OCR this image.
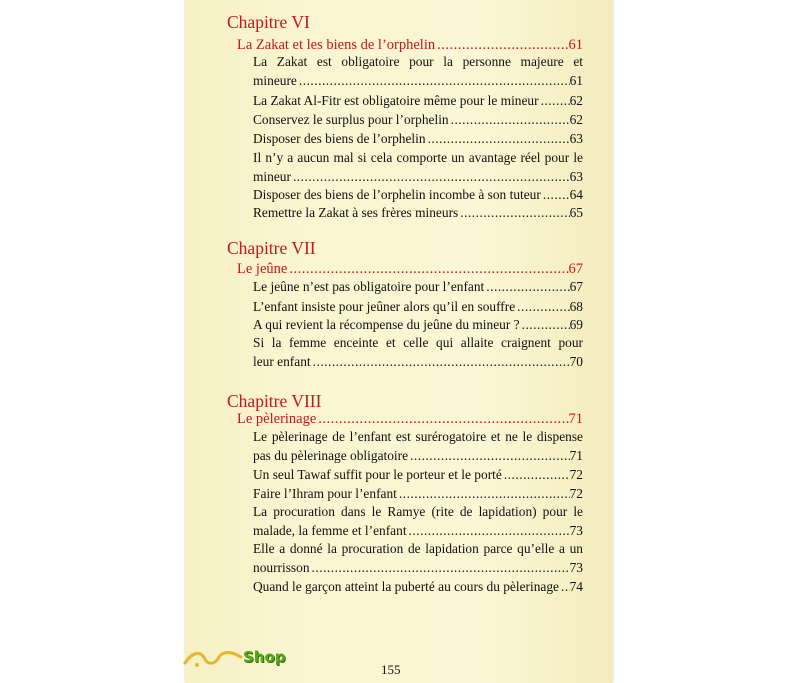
​
Chapitre VI
La Zakat et les biens de l’orphelin .....	61
La Zakat est obligatoire pour la personne majeure et
mineure .....	61
La Zakat Al-Fitr est obligatoire même pour le mineur ..... 62
Conservez le surplus pour l’orphelin .....	62
Disposer des biens de l’orphelin .....	63
Il n’y a aucun mal si cela comporte un avantage réel pour le
mineur .....	63
Disposer des biens de l’orphelin incombe à son tuteur ..... 64
Remettre la Zakat à ses frères mineurs .....	65
Chapitre VII
Le jeûne .....	67
Le jeûne n’est pas obligatoire pour l’enfant .....	67
L’enfant insiste pour jeûner alors qu’il en souffre .....	68
A qui revient la récompense du jeûne du mineur ? .....	69
Si la femme enceinte et celle qui allaite craignent pour
leur enfant .....	70
Chapitre VIII
Le pèlerinage .....	71
Le pèlerinage de l’enfant est surérogatoire et ne le dispense
pas du pèlerinage obligatoire .....	71
Un seul Tawaf suffit pour le porteur et le porté .....	72
Faire l’Ihram pour l’enfant .....	72
La procuration dans le Ramye (rite de lapidation) pour le
malade, la femme et l’enfant .....	73
Elle a donné la procuration de lapidation parce qu’elle a un
nourrisson .....	73
Quand le garçon atteint la puberté au cours du pèlerinage ..... 74
155
Shop
